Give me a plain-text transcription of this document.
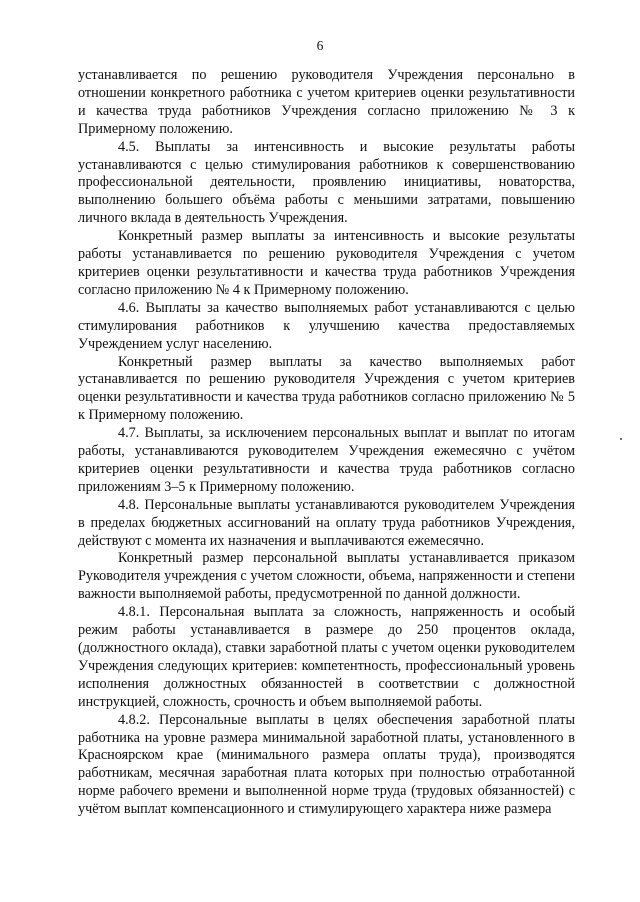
6

устанавливается по решению руководителя Учреждения персонально в отношении конкретного работника с учетом критериев оценки результативности и качества труда работников Учреждения согласно приложению № 3 к Примерному положению.

4.5. Выплаты за интенсивность и высокие результаты работы устанавливаются с целью стимулирования работников к совершенствованию профессиональной деятельности, проявлению инициативы, новаторства, выполнению большего объёма работы с меньшими затратами, повышению личного вклада в деятельность Учреждения.

Конкретный размер выплаты за интенсивность и высокие результаты работы устанавливается по решению руководителя Учреждения с учетом критериев оценки результативности и качества труда работников Учреждения согласно приложению № 4 к Примерному положению.

4.6. Выплаты за качество выполняемых работ устанавливаются с целью стимулирования работников к улучшению качества предоставляемых Учреждением услуг населению.

Конкретный размер выплаты за качество выполняемых работ устанавливается по решению руководителя Учреждения с учетом критериев оценки результативности и качества труда работников согласно приложению № 5 к Примерному положению.

4.7. Выплаты, за исключением персональных выплат и выплат по итогам работы, устанавливаются руководителем Учреждения ежемесячно с учётом критериев оценки результативности и качества труда работников согласно приложениям 3–5 к Примерному положению.

4.8. Персональные выплаты устанавливаются руководителем Учреждения в пределах бюджетных ассигнований на оплату труда работников Учреждения, действуют с момента их назначения и выплачиваются ежемесячно.

Конкретный размер персональной выплаты устанавливается приказом Руководителя учреждения с учетом сложности, объема, напряженности и степени важности выполняемой работы, предусмотренной по данной должности.

4.8.1. Персональная выплата за сложность, напряженность и особый режим работы устанавливается в размере до 250 процентов оклада, (должностного оклада), ставки заработной платы с учетом оценки руководителем Учреждения следующих критериев: компетентность, профессиональный уровень исполнения должностных обязанностей в соответствии с должностной инструкцией, сложность, срочность и объем выполняемой работы.

4.8.2. Персональные выплаты в целях обеспечения заработной платы работника на уровне размера минимальной заработной платы, установленного в Красноярском крае (минимального размера оплаты труда), производятся работникам, месячная заработная плата которых при полностью отработанной норме рабочего времени и выполненной норме труда (трудовых обязанностей) с учётом выплат компенсационного и стимулирующего характера ниже размера
